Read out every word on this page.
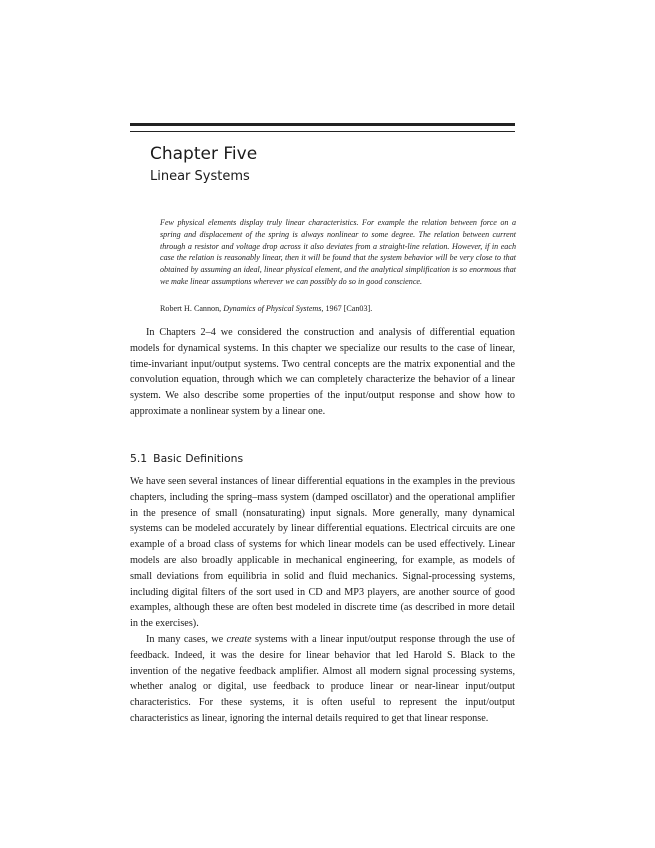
Chapter Five
Linear Systems

Few physical elements display truly linear characteristics. For example the relation between force on a spring and displacement of the spring is always nonlinear to some degree. The relation between current through a resistor and voltage drop across it also deviates from a straight-line relation. However, if in each case the relation is reasonably linear, then it will be found that the system behavior will be very close to that obtained by assuming an ideal, linear physical element, and the analytical simplification is so enormous that we make linear assumptions wherever we can possibly do so in good conscience.

Robert H. Cannon, Dynamics of Physical Systems, 1967 [Can03].

In Chapters 2–4 we considered the construction and analysis of differential equation models for dynamical systems. In this chapter we specialize our results to the case of linear, time-invariant input/output systems. Two central concepts are the matrix exponential and the convolution equation, through which we can completely characterize the behavior of a linear system. We also describe some properties of the input/output response and show how to approximate a nonlinear system by a linear one.

5.1 Basic Definitions

We have seen several instances of linear differential equations in the examples in the previous chapters, including the spring–mass system (damped oscillator) and the operational amplifier in the presence of small (nonsaturating) input signals. More generally, many dynamical systems can be modeled accurately by linear differential equations. Electrical circuits are one example of a broad class of systems for which linear models can be used effectively. Linear models are also broadly applicable in mechanical engineering, for example, as models of small deviations from equilibria in solid and fluid mechanics. Signal-processing systems, including digital filters of the sort used in CD and MP3 players, are another source of good examples, although these are often best modeled in discrete time (as described in more detail in the exercises).

In many cases, we create systems with a linear input/output response through the use of feedback. Indeed, it was the desire for linear behavior that led Harold S. Black to the invention of the negative feedback amplifier. Almost all modern signal processing systems, whether analog or digital, use feedback to produce linear or near-linear input/output characteristics. For these systems, it is often useful to represent the input/output characteristics as linear, ignoring the internal details required to get that linear response.
